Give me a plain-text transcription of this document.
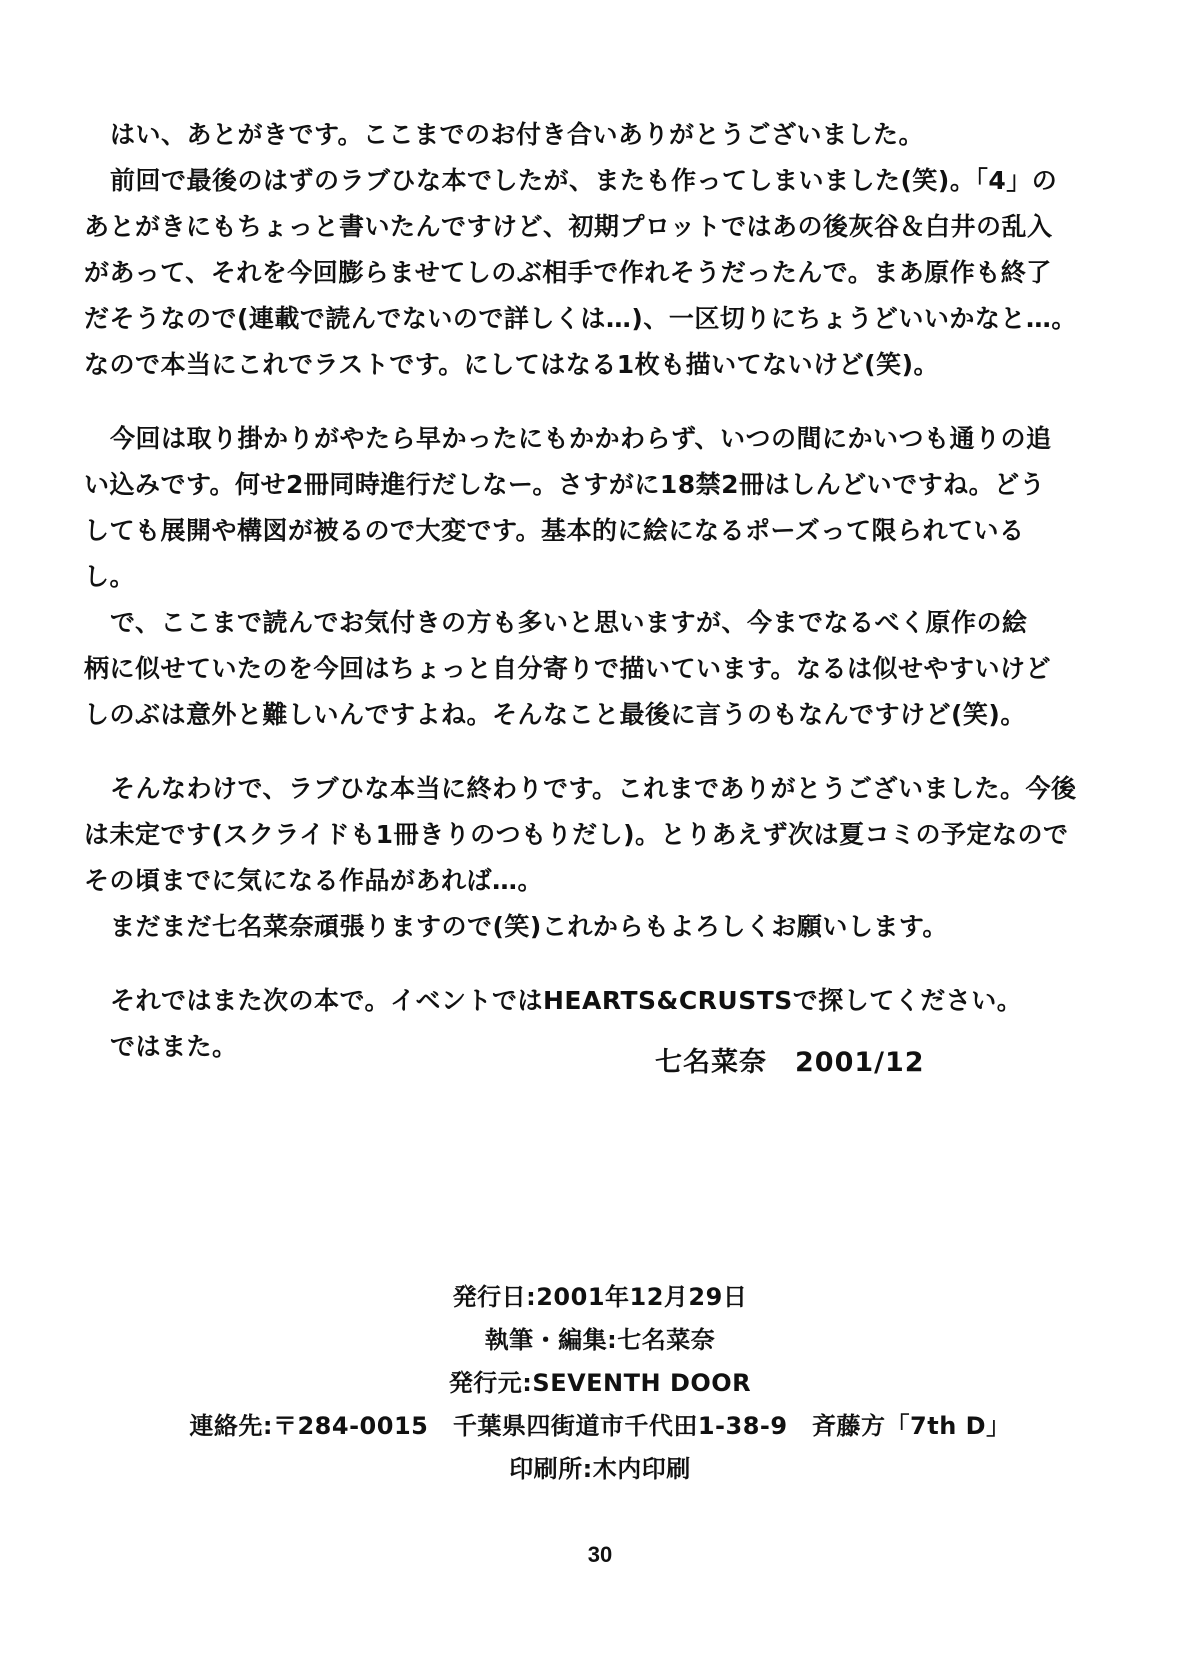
はい、あとがきです。ここまでのお付き合いありがとうございました。
前回で最後のはずのラブひな本でしたが、またも作ってしまいました(笑)。「4」の
あとがきにもちょっと書いたんですけど、初期プロットではあの後灰谷＆白井の乱入
があって、それを今回膨らませてしのぶ相手で作れそうだったんで。まあ原作も終了
だそうなので(連載で読んでないので詳しくは…)、一区切りにちょうどいいかなと…。
なので本当にこれでラストです。にしてはなる1枚も描いてないけど(笑)。
今回は取り掛かりがやたら早かったにもかかわらず、いつの間にかいつも通りの追
い込みです。何せ2冊同時進行だしなー。さすがに18禁2冊はしんどいですね。どう
しても展開や構図が被るので大変です。基本的に絵になるポーズって限られている
し。
で、ここまで読んでお気付きの方も多いと思いますが、今までなるべく原作の絵
柄に似せていたのを今回はちょっと自分寄りで描いています。なるは似せやすいけど
しのぶは意外と難しいんですよね。そんなこと最後に言うのもなんですけど(笑)。
そんなわけで、ラブひな本当に終わりです。これまでありがとうございました。今後
は未定です(スクライドも1冊きりのつもりだし)。とりあえず次は夏コミの予定なので
その頃までに気になる作品があれば…。
まだまだ七名菜奈頑張りますので(笑)これからもよろしくお願いします。
それではまた次の本で。イベントではHEARTS&CRUSTSで探してください。
ではまた。
七名菜奈　2001/12
発行日:2001年12月29日
執筆・編集:七名菜奈
発行元:SEVENTH DOOR
連絡先:〒284-0015　千葉県四街道市千代田1-38-9　斉藤方「7th D」
印刷所:木内印刷
30
